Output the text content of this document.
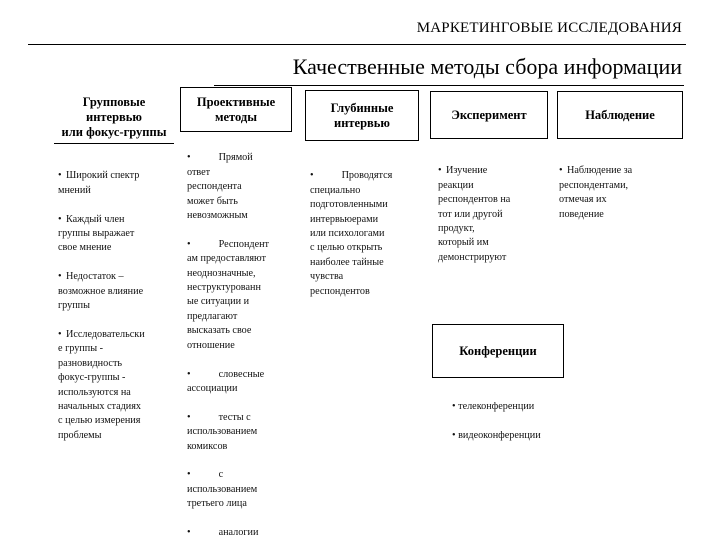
МАРКЕТИНГОВЫЕ ИССЛЕДОВАНИЯ
Качественные методы сбора информации
Групповые
интервью
или фокус-группы
Проективные
методы
Глубинные
интервью
Эксперимент	Наблюдение
Конференции

• Широкий спектр
мнений

• Каждый член
группы выражает
свое мнение

• Недостаток –
возможное влияние
группы

• Исследовательски
е группы -
разновидность
фокус-группы -
используются на
начальных стадиях
с целью измерения
проблемы

•	Прямой
ответ
респондента
может быть
невозможным

•	Респондент
ам предоставляют
неоднозначные,
неструктурованн
ые ситуации и
предлагают
высказать свое
отношение

•	словесные
ассоциации

•	тесты с
использованием
комиксов

•	с
использованием
третьего лица

•	аналогии

•	Проводятся
специально
подготовленными
интервьюерами
или психологами
с целью открыть
наиболее тайные
чувства
респондентов

• Изучение
реакции
респондентов на
тот или другой
продукт,
который им
демонстрируют

• Наблюдение за
респондентами,
отмечая их
поведение

• телеконференции

• видеоконференции
